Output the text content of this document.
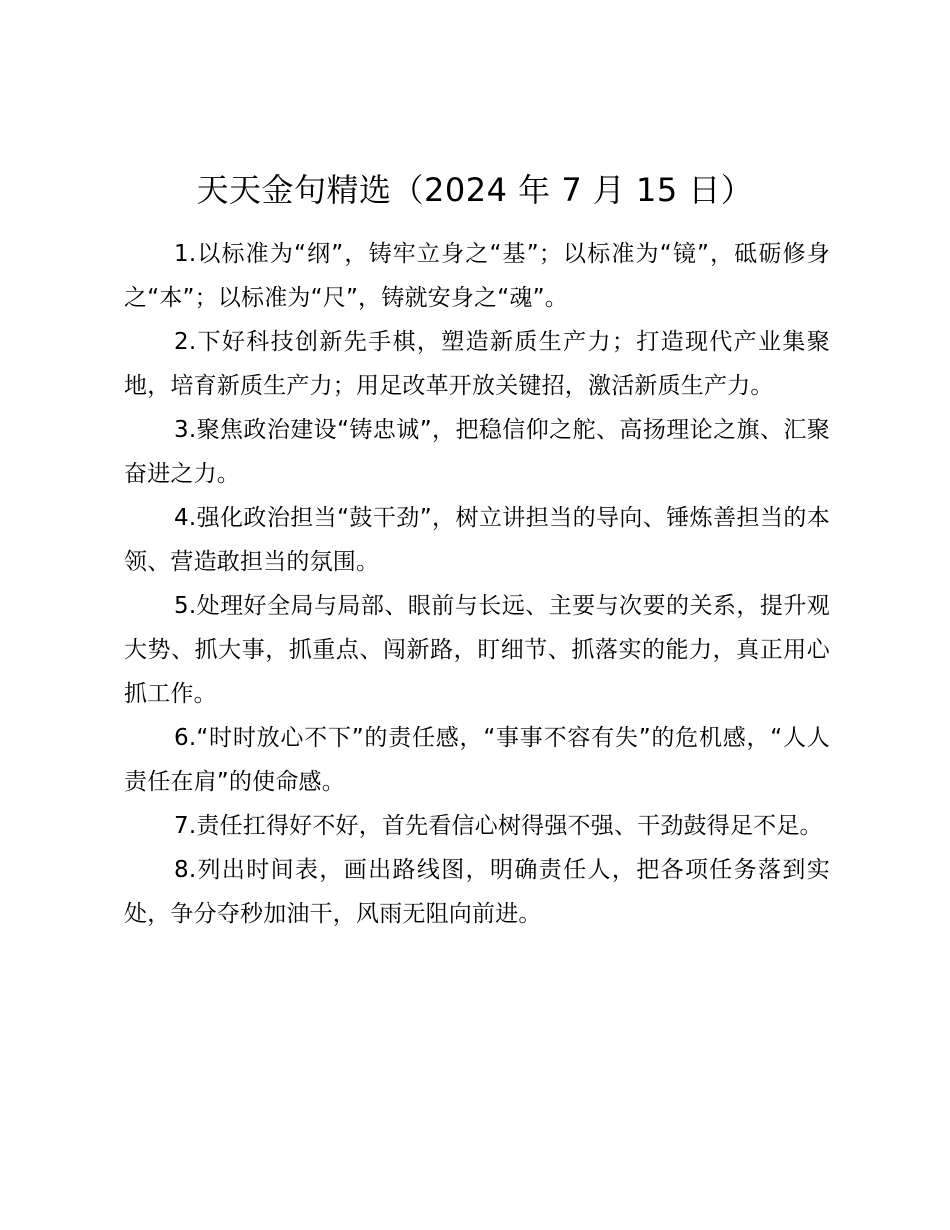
天天金句精选（2024 年 7 月 15 日）

1.以标准为“纲”，铸牢立身之“基”；以标准为“镜”，砥砺修身之“本”；以标准为“尺”，铸就安身之“魂”。

2.下好科技创新先手棋，塑造新质生产力；打造现代产业集聚地，培育新质生产力；用足改革开放关键招，激活新质生产力。

3.聚焦政治建设“铸忠诚”，把稳信仰之舵、高扬理论之旗、汇聚奋进之力。

4.强化政治担当“鼓干劲”，树立讲担当的导向、锤炼善担当的本领、营造敢担当的氛围。

5.处理好全局与局部、眼前与长远、主要与次要的关系，提升观大势、抓大事，抓重点、闯新路，盯细节、抓落实的能力，真正用心抓工作。

6.“时时放心不下”的责任感，“事事不容有失”的危机感，“人人责任在肩”的使命感。

7.责任扛得好不好，首先看信心树得强不强、干劲鼓得足不足。

8.列出时间表，画出路线图，明确责任人，把各项任务落到实处，争分夺秒加油干，风雨无阻向前进。
